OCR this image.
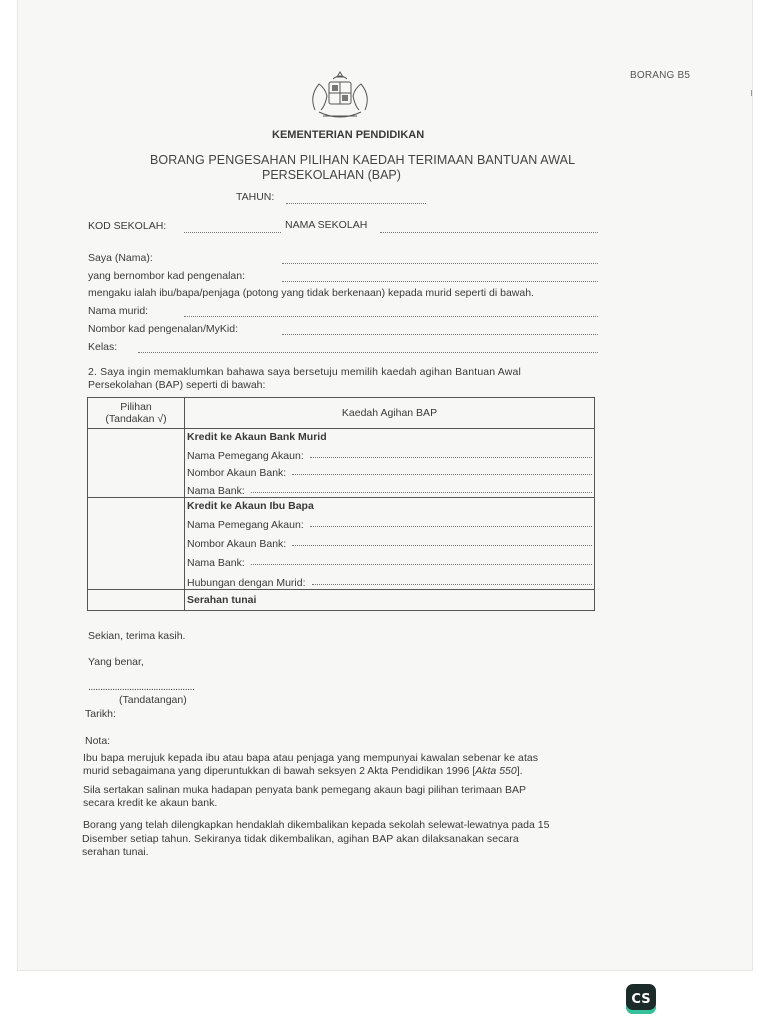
BORANG B5
KEMENTERIAN PENDIDIKAN
BORANG PENGESAHAN PILIHAN KAEDAH TERIMAAN BANTUAN AWAL
PERSEKOLAHAN (BAP)
TAHUN:
KOD SEKOLAH:	NAMA SEKOLAH
Saya (Nama):
yang bernombor kad pengenalan:
mengaku ialah ibu/bapa/penjaga (potong yang tidak berkenaan) kepada murid seperti di bawah.
Nama murid:
Nombor kad pengenalan/MyKid:
Kelas:
2. Saya ingin memaklumkan bahawa saya bersetuju memilih kaedah agihan Bantuan Awal
Persekolahan (BAP) seperti di bawah:
Pilihan
(Tandakan √)	Kaedah Agihan BAP

Kredit ke Akaun Bank Murid
Nama Pemegang Akaun:
Nombor Akaun Bank:
Nama Bank:

Kredit ke Akaun Ibu Bapa
Nama Pemegang Akaun:
Nombor Akaun Bank:
Nama Bank:
Hubungan dengan Murid:

Serahan tunai
Sekian, terima kasih.
Yang benar,
............................................
(Tandatangan)
Tarikh:
Nota:
Ibu bapa merujuk kepada ibu atau bapa atau penjaga yang mempunyai kawalan sebenar ke atas
murid sebagaimana yang diperuntukkan di bawah seksyen 2 Akta Pendidikan 1996 [Akta 550].
Sila sertakan salinan muka hadapan penyata bank pemegang akaun bagi pilihan terimaan BAP
secara kredit ke akaun bank.
Borang yang telah dilengkapkan hendaklah dikembalikan kepada sekolah selewat-lewatnya pada 15
Disember setiap tahun. Sekiranya tidak dikembalikan, agihan BAP akan dilaksanakan secara
serahan tunai.
CS
